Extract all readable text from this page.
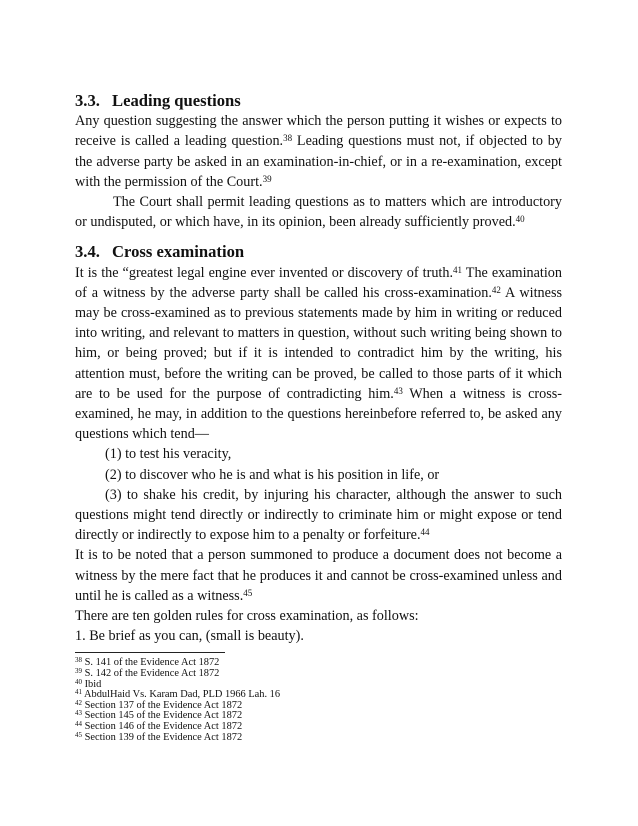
3.3. Leading questions

Any question suggesting the answer which the person putting it wishes or expects to receive is called a leading question.$^{38}$ Leading questions must not, if objected to by the adverse party be asked in an examination-in-chief, or in a re-examination, except with the permission of the Court.$^{39}$

The Court shall permit leading questions as to matters which are introductory or undisputed, or which have, in its opinion, been already sufficiently proved.$^{40}$

3.4. Cross examination

It is the “greatest legal engine ever invented or discovery of truth.$^{41}$ The examination of a witness by the adverse party shall be called his cross-examination.$^{42}$ A witness may be cross-examined as to previous statements made by him in writing or reduced into writing, and relevant to matters in question, without such writing being shown to him, or being proved; but if it is intended to contradict him by the writing, his attention must, before the writing can be proved, be called to those parts of it which are to be used for the purpose of contradicting him.$^{43}$ When a witness is cross-examined, he may, in addition to the questions hereinbefore referred to, be asked any questions which tend—

(1) to test his veracity,

(2) to discover who he is and what is his position in life, or

(3) to shake his credit, by injuring his character, although the answer to such questions might tend directly or indirectly to criminate him or might expose or tend directly or indirectly to expose him to a penalty or forfeiture.$^{44}$

It is to be noted that a person summoned to produce a document does not become a witness by the mere fact that he produces it and cannot be cross-examined unless and until he is called as a witness.$^{45}$

There are ten golden rules for cross examination, as follows:

1. Be brief as you can, (small is beauty).

$^{38}$ S. 141 of the Evidence Act 1872

$^{39}$ S. 142 of the Evidence Act 1872

$^{40}$ Ibid

$^{41}$ AbdulHaid Vs. Karam Dad, PLD 1966 Lah. 16

$^{42}$ Section 137 of the Evidence Act 1872

$^{43}$ Section 145 of the Evidence Act 1872

$^{44}$ Section 146 of the Evidence Act 1872

$^{45}$ Section 139 of the Evidence Act 1872
